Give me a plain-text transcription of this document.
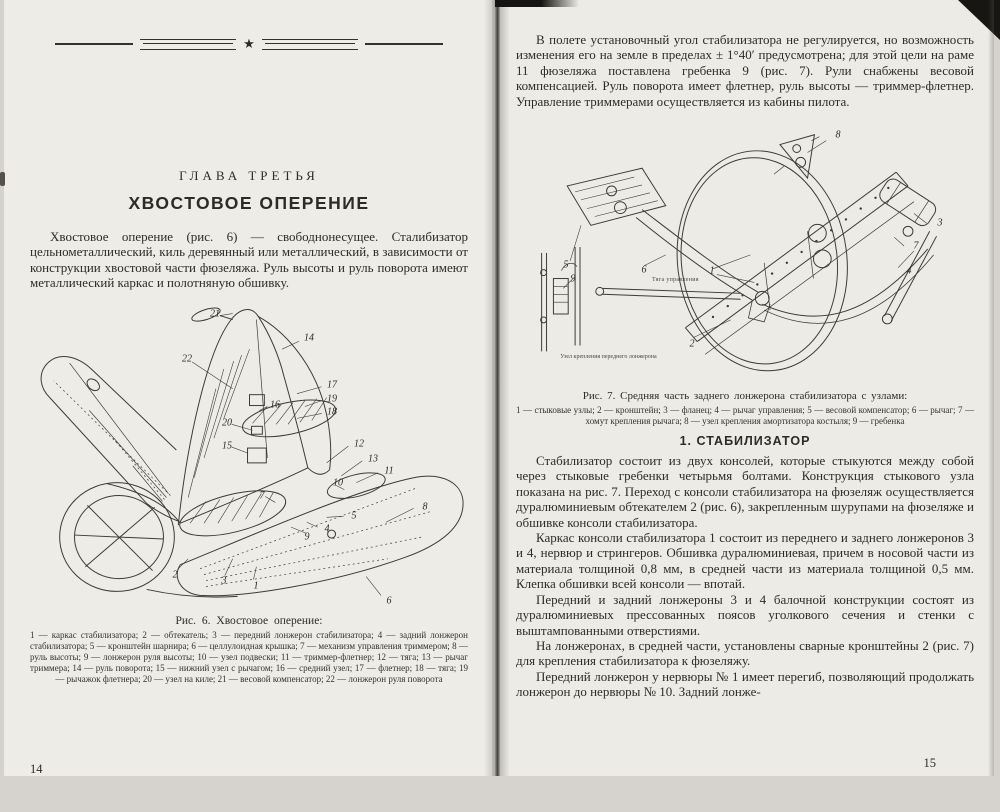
★
ГЛАВА ТРЕТЬЯ
ХВОСТОВОЕ ОПЕРЕНИЕ

Хвостовое оперение (рис. 6) — свободнонесущее. Сталибизатор цельнометаллический, киль деревянный или металлический, в зависимости от конструкции хвостовой части фюзеляжа. Руль высоты и руль поворота имеют металлический каркас и полотняную обшивку.

21
14
22
17
19
18
16
20
15	12
13
11
10
7
5
4
8
9
6
1
3
2
Рис. 6. Хвостовое оперение:
1 — каркас стабилизатора; 2 — обтекатель; 3 — передний лонжерон стабилизатора; 4 — задний лонжерон стабилизатора; 5 — кронштейн шарнира; 6 — целлулоидная крышка; 7 — механизм управления триммером; 8 — руль высоты; 9 — лонжерон руля высоты; 10 — узел подвески; 11 — триммер-флетнер; 12 — тяга; 13 — рычаг триммера; 14 — руль поворота; 15 — нижний узел с рычагом; 16 — средний узел; 17 — флетнер; 18 — тяга; 19 — рычажок флетнера; 20 — узел на киле; 21 — весовой компенсатор; 22 — лонжерон руля поворота
14

В полете установочный угол стабилизатора не регулируется, но возможность изменения его на земле в пределах ± 1°40′ предусмотрена; для этой цели на раме 11 фюзеляжа поставлена гребенка 9 (рис. 7). Рули снабжены весовой компенсацией. Руль поворота имеет флетнер, руль высоты — триммер-флетнер. Управление триммерами осуществляется из кабины пилота.

8
5	6
9
1
2
3
7
4
Тяга управления
Узел крепления переднего лонжерона
Рис. 7. Средняя часть заднего лонжерона стабилизатора с узлами:
1 — стыковые узлы; 2 — кронштейн; 3 — фланец; 4 — рычаг управления; 5 — весовой компенсатор; 6 — рычаг; 7 — хомут крепления рычага; 8 — узел крепления амортизатора костыля; 9 — гребенка
1. СТАБИЛИЗАТОР

Стабилизатор состоит из двух консолей, которые стыкуются между собой через стыковые гребенки четырьмя болтами. Конструкция стыкового узла показана на рис. 7. Переход с консоли стабилизатора на фюзеляж осуществляется дуралюминиевым обтекателем 2 (рис. 6), закрепленным шурупами на фюзеляже и обшивке консоли стабилизатора.

Каркас консоли стабилизатора 1 состоит из переднего и заднего лонжеронов 3 и 4, нервюр и стрингеров. Обшивка дуралюминиевая, причем в носовой части из материала толщиной 0,8 мм, в средней части из материала толщиной 0,5 мм. Клепка обшивки всей консоли — впотай.

Передний и задний лонжероны 3 и 4 балочной конструкции состоят из дуралюминиевых прессованных поясов уголкового сечения и стенки с выштампованными отверстиями.

На лонжеронах, в средней части, установлены сварные кронштейны 2 (рис. 7) для крепления стабилизатора к фюзеляжу.

Передний лонжерон у нервюры № 1 имеет перегиб, позволяющий продолжать лонжерон до нервюры № 10. Задний лонже-

15
